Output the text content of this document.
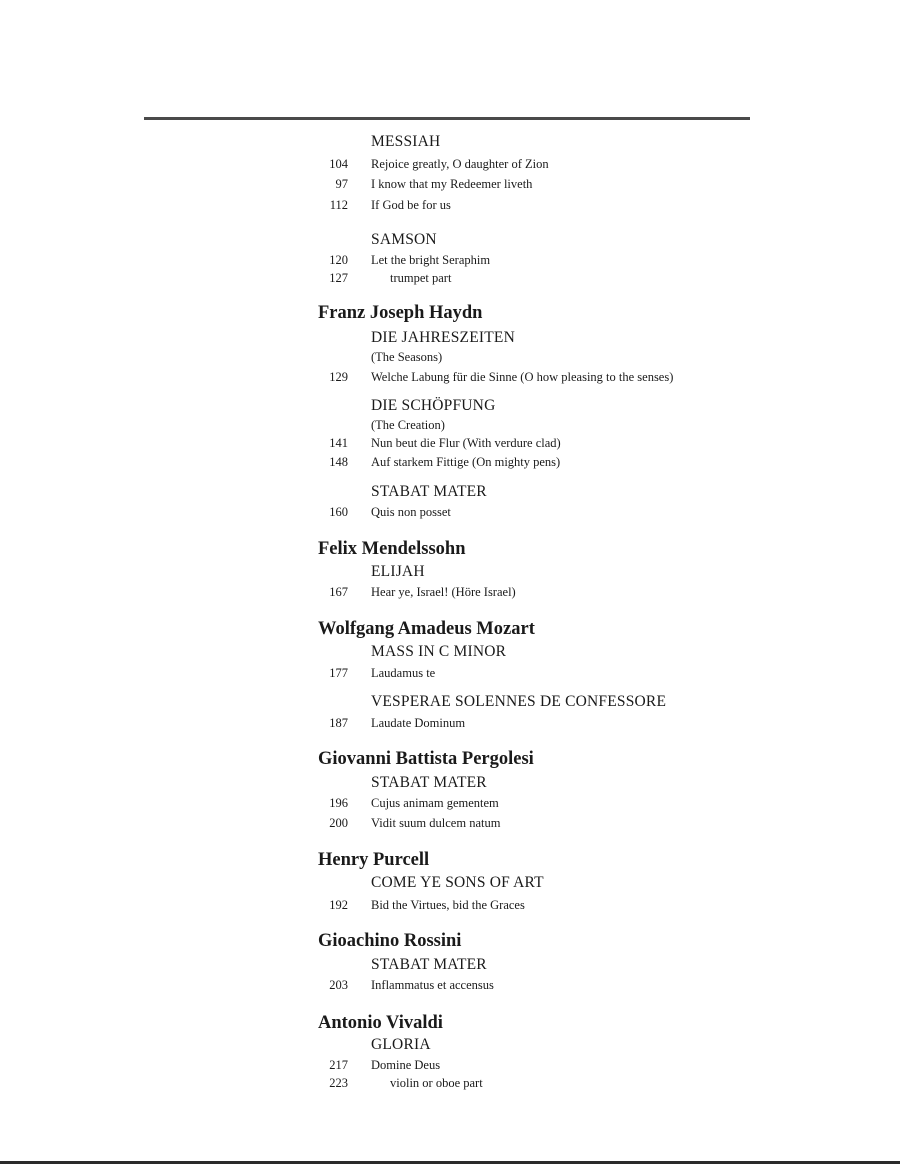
MESSIAH
104 Rejoice greatly, O daughter of Zion
97 I know that my Redeemer liveth
112 If God be for us
SAMSON
120 Let the bright Seraphim
127	trumpet part
Franz Joseph Haydn
DIE JAHRESZEITEN
(The Seasons)
129 Welche Labung für die Sinne (O how pleasing to the senses)
DIE SCHÖPFUNG
(The Creation)
141 Nun beut die Flur (With verdure clad)
148 Auf starkem Fittige (On mighty pens)
STABAT MATER
160 Quis non posset
Felix Mendelssohn
ELIJAH
167 Hear ye, Israel! (Höre Israel)
Wolfgang Amadeus Mozart
MASS IN C MINOR
177 Laudamus te
VESPERAE SOLENNES DE CONFESSORE
187 Laudate Dominum
Giovanni Battista Pergolesi
STABAT MATER
196 Cujus animam gementem
200 Vidit suum dulcem natum
Henry Purcell
COME YE SONS OF ART
192 Bid the Virtues, bid the Graces
Gioachino Rossini
STABAT MATER
203 Inflammatus et accensus
Antonio Vivaldi
GLORIA
217 Domine Deus
223	violin or oboe part
